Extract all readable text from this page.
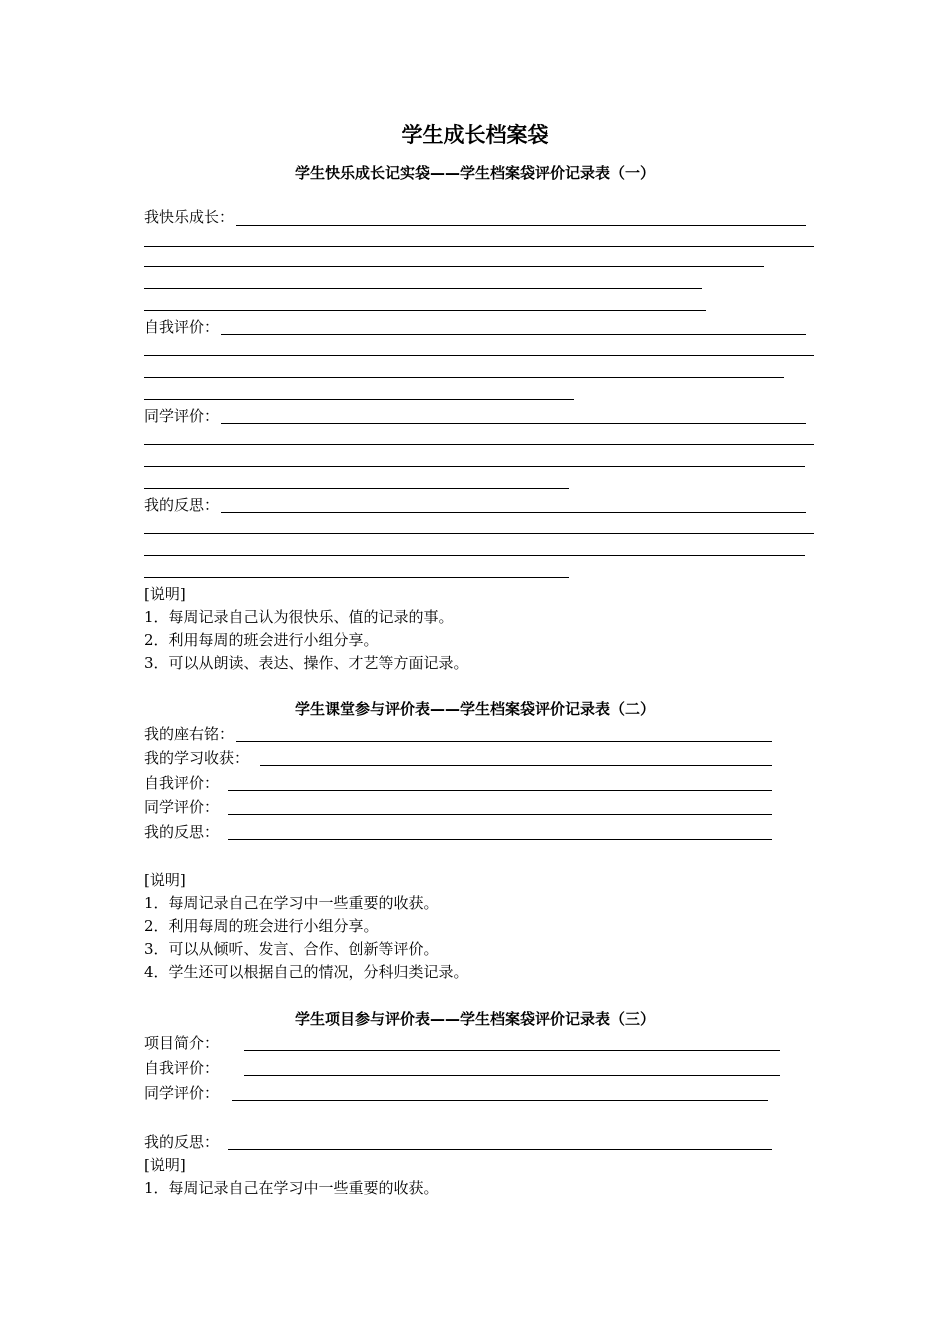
学生成长档案袋
学生快乐成长记实袋——学生档案袋评价记录表（一）
我快乐成长：
自我评价：
同学评价：
我的反思：
[说明]
1．每周记录自己认为很快乐、值的记录的事。
2．利用每周的班会进行小组分享。
3．可以从朗读、表达、操作、才艺等方面记录。
学生课堂参与评价表——学生档案袋评价记录表（二）
我的座右铭：
我的学习收获：
自我评价：
同学评价：
我的反思：
[说明]
1．每周记录自己在学习中一些重要的收获。
2．利用每周的班会进行小组分享。
3．可以从倾听、发言、合作、创新等评价。
4．学生还可以根据自己的情况，分科归类记录。
学生项目参与评价表——学生档案袋评价记录表（三）
项目简介：
自我评价：
同学评价：
我的反思：
[说明]
1．每周记录自己在学习中一些重要的收获。
